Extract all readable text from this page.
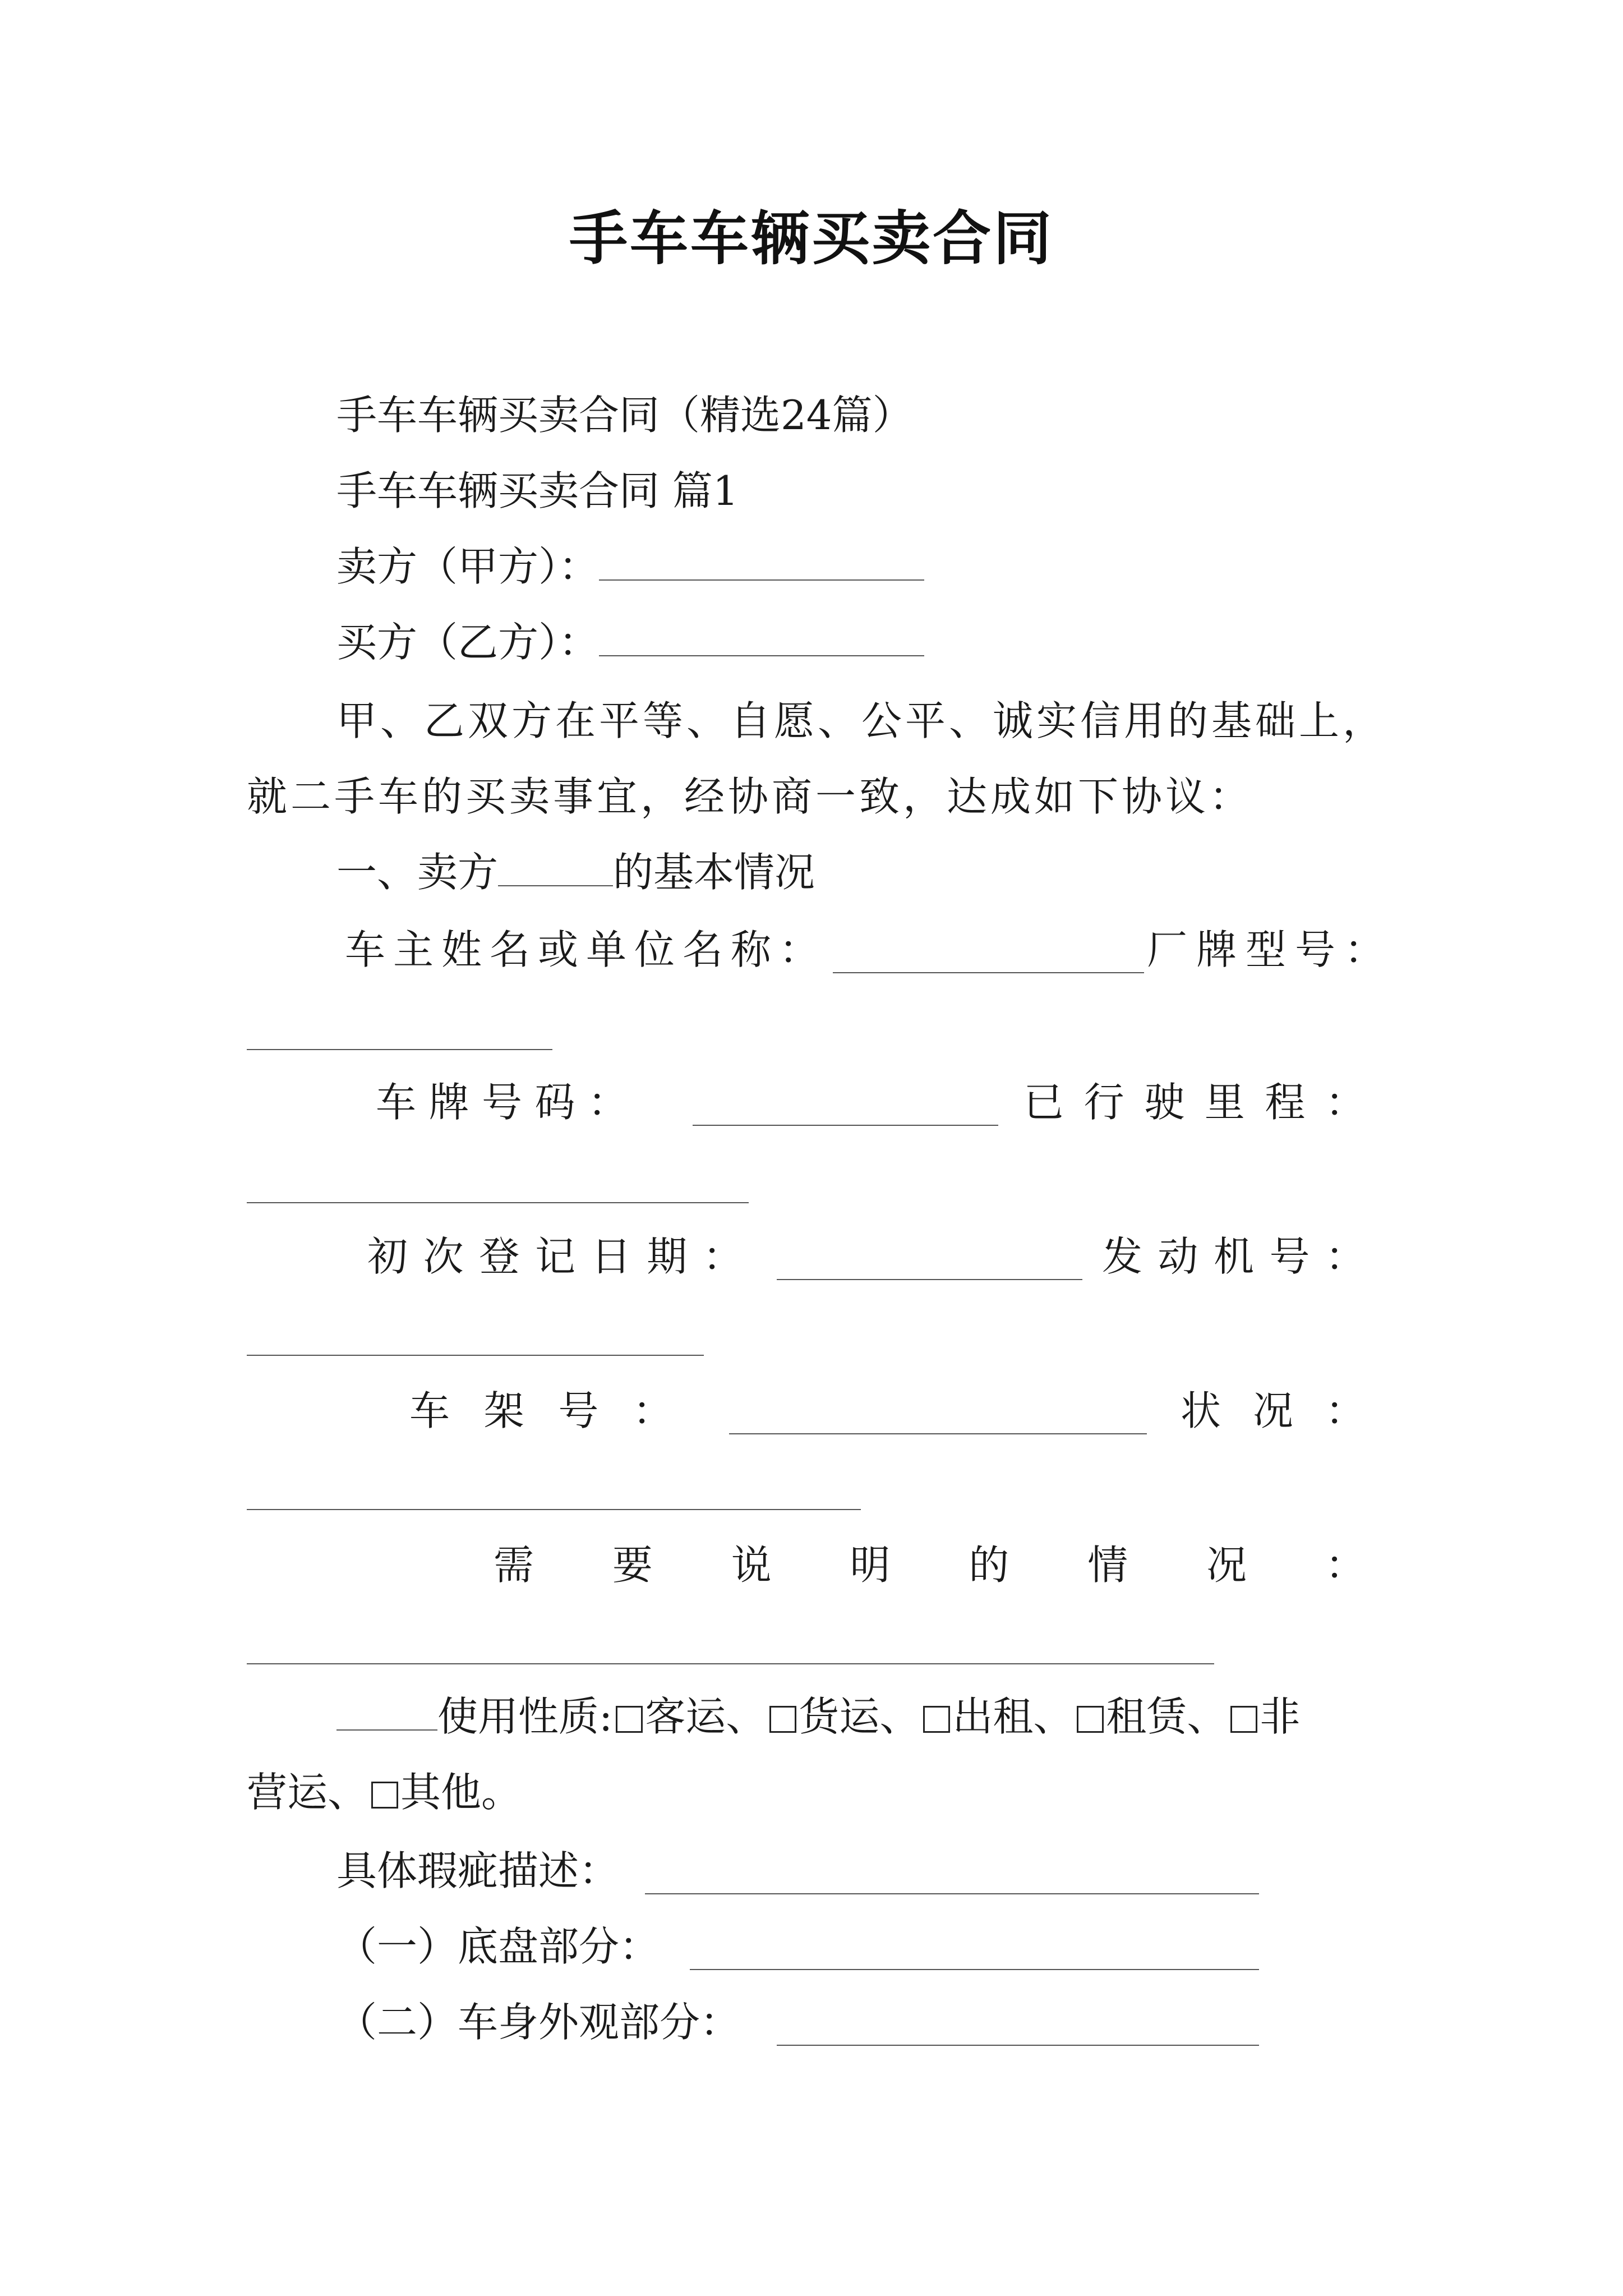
手车车辆买卖合同
手车车辆买卖合同（精选24篇）
手车车辆买卖合同 篇1
卖方（甲方）：
买方（乙方）：
甲、乙双方在平等、自愿、公平、诚实信用的基础上，
就二手车的买卖事宜，经协商一致，达成如下协议：
一、卖方	的基本情况
车主姓名或单位名称：	厂牌型号：
车 牌 号 码 ：	已 行 驶 里 程 ：
初 次 登 记 日 期 ：	发 动 机 号 ：
车 架 号 ：	状 况 ：
需 要 说 明 的 情 况 ：
使用性质: 客运、 货运、 出租、 租赁、 非
营运、 其他。
具体瑕疵描述：
（一）底盘部分：
（二）车身外观部分：
